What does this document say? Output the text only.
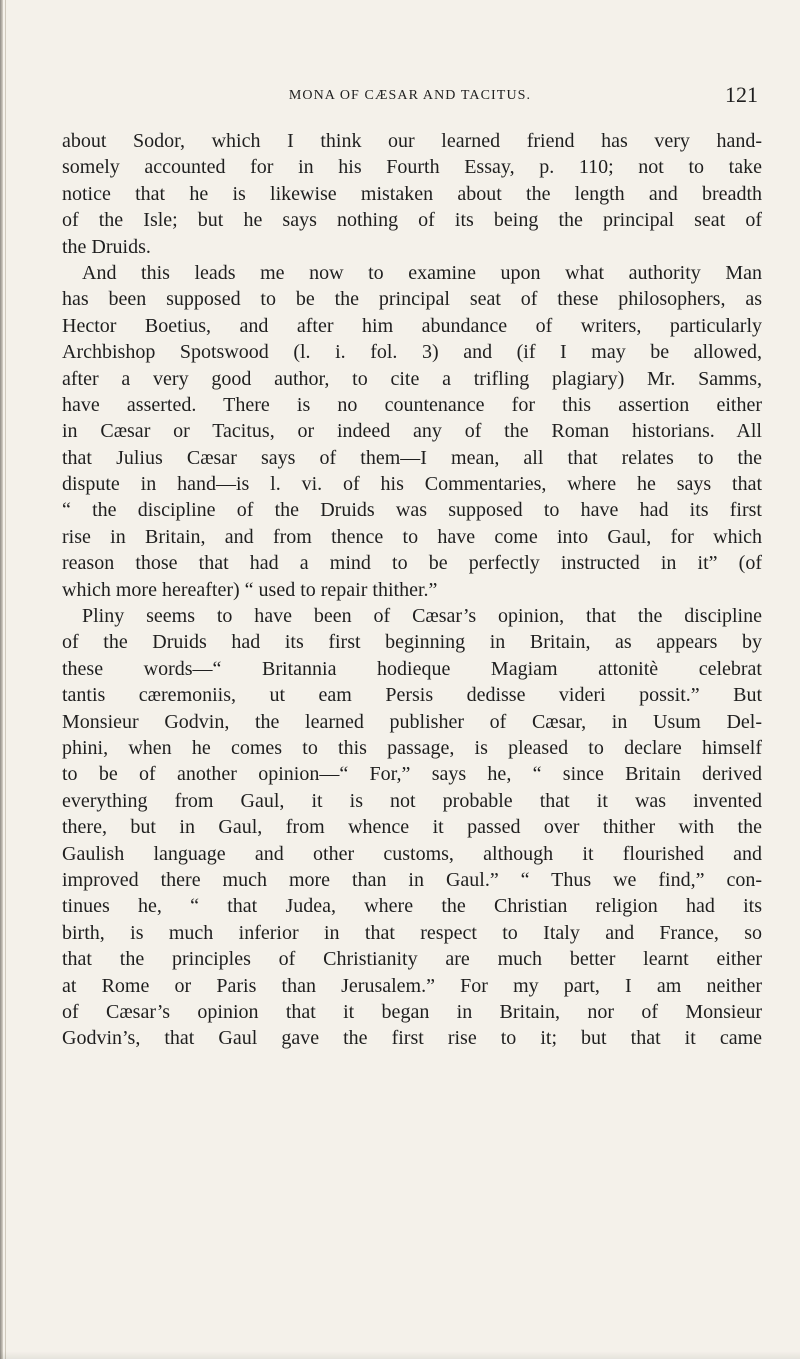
MONA OF CÆSAR AND TACITUS.	121
about Sodor, which I think our learned friend has very hand-
somely accounted for in his Fourth Essay, p. 110; not to take
notice that he is likewise mistaken about the length and breadth
of the Isle; but he says nothing of its being the principal seat of
the Druids.
And this leads me now to examine upon what authority Man
has been supposed to be the principal seat of these philosophers, as
Hector Boetius, and after him abundance of writers, particularly
Archbishop Spotswood (l. i. fol. 3) and (if I may be allowed,
after a very good author, to cite a trifling plagiary) Mr. Samms,
have asserted. There is no countenance for this assertion either
in Cæsar or Tacitus, or indeed any of the Roman historians. All
that Julius Cæsar says of them—I mean, all that relates to the
dispute in hand—is l. vi. of his Commentaries, where he says that
“ the discipline of the Druids was supposed to have had its first
rise in Britain, and from thence to have come into Gaul, for which
reason those that had a mind to be perfectly instructed in it” (of
which more hereafter) “ used to repair thither.”
Pliny seems to have been of Cæsar’s opinion, that the discipline
of the Druids had its first beginning in Britain, as appears by
these words—“ Britannia hodieque Magiam attonitè celebrat
tantis cæremoniis, ut eam Persis dedisse videri possit.” But
Monsieur Godvin, the learned publisher of Cæsar, in Usum Del-
phini, when he comes to this passage, is pleased to declare himself
to be of another opinion—“ For,” says he, “ since Britain derived
everything from Gaul, it is not probable that it was invented
there, but in Gaul, from whence it passed over thither with the
Gaulish language and other customs, although it flourished and
improved there much more than in Gaul.” “ Thus we find,” con-
tinues he, “ that Judea, where the Christian religion had its
birth, is much inferior in that respect to Italy and France, so
that the principles of Christianity are much better learnt either
at Rome or Paris than Jerusalem.” For my part, I am neither
of Cæsar’s opinion that it began in Britain, nor of Monsieur
Godvin’s, that Gaul gave the first rise to it; but that it came
